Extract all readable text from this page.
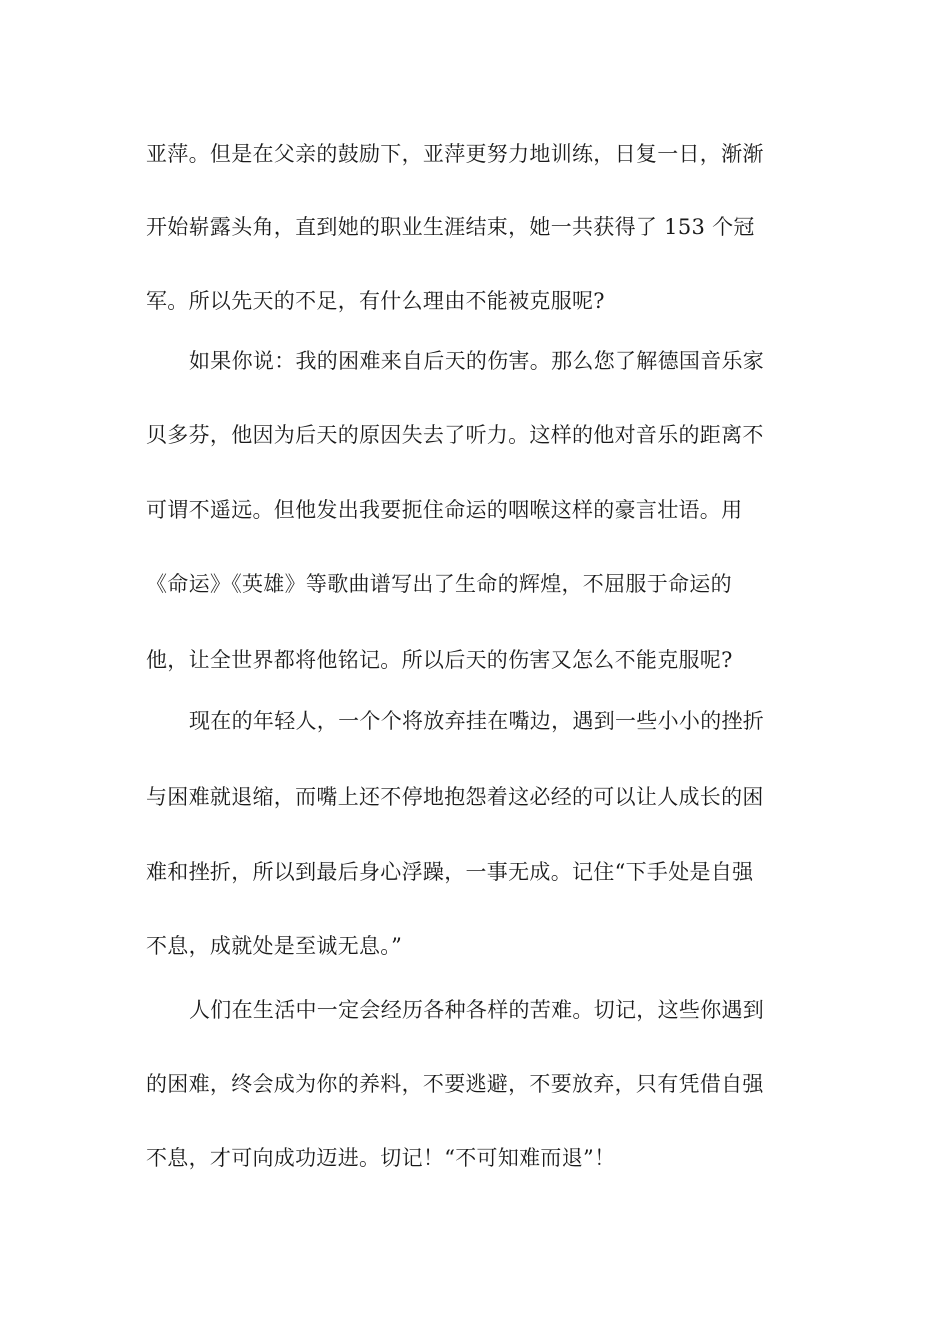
亚萍。但是在父亲的鼓励下，亚萍更努力地训练，日复一日，渐渐
开始崭露头角，直到她的职业生涯结束，她一共获得了 153 个冠
军。所以先天的不足，有什么理由不能被克服呢?
如果你说：我的困难来自后天的伤害。那么您了解德国音乐家
贝多芬，他因为后天的原因失去了听力。这样的他对音乐的距离不
可谓不遥远。但他发出我要扼住命运的咽喉这样的豪言壮语。用
《命运》《英雄》等歌曲谱写出了生命的辉煌，不屈服于命运的
他，让全世界都将他铭记。所以后天的伤害又怎么不能克服呢?
现在的年轻人，一个个将放弃挂在嘴边，遇到一些小小的挫折
与困难就退缩，而嘴上还不停地抱怨着这必经的可以让人成长的困
难和挫折，所以到最后身心浮躁，一事无成。记住“下手处是自强
不息，成就处是至诚无息。”
人们在生活中一定会经历各种各样的苦难。切记，这些你遇到
的困难，终会成为你的养料，不要逃避，不要放弃，只有凭借自强
不息，才可向成功迈进。切记！“不可知难而退”！
